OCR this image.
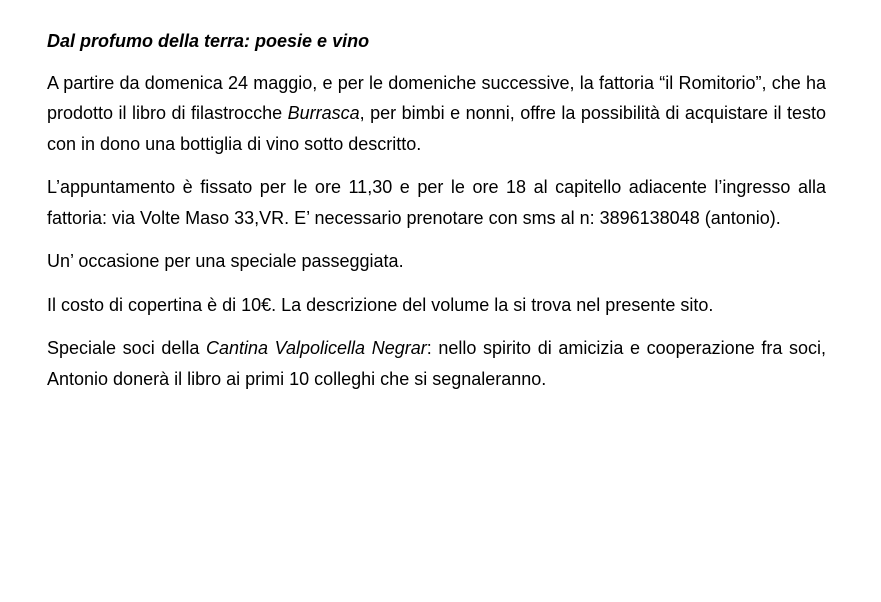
Dal profumo della terra: poesie e vino

A partire da domenica 24 maggio, e per le domeniche successive, la fattoria “il Romitorio”, che ha prodotto il libro di filastrocche Burrasca, per bimbi e nonni, offre la possibilità di acquistare il testo con in dono una bottiglia di vino sotto descritto.

L’appuntamento è fissato per le ore 11,30 e per le ore 18 al capitello adiacente l’ingresso alla fattoria: via Volte Maso 33,VR. E’ necessario prenotare con sms al n: 3896138048 (antonio).

Un’ occasione per una speciale passeggiata.

Il costo di copertina è di 10€. La descrizione del volume la si trova nel presente sito.

Speciale soci della Cantina Valpolicella Negrar: nello spirito di amicizia e cooperazione fra soci, Antonio donerà il libro ai primi 10 colleghi che si segnaleranno.
